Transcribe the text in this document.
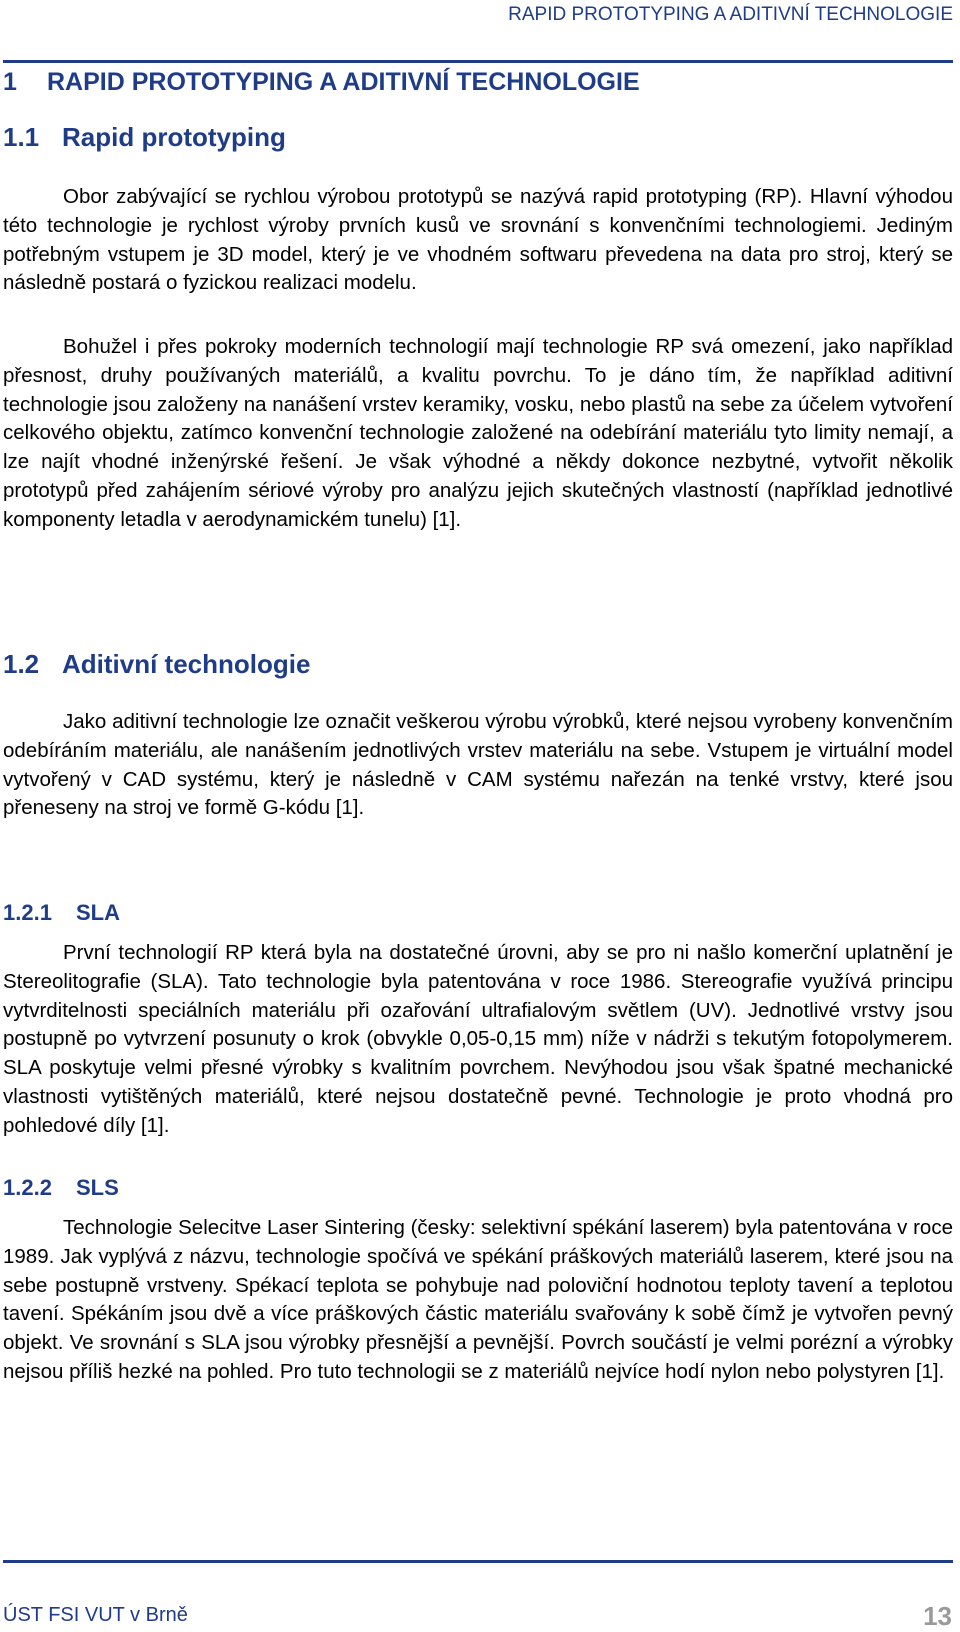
RAPID PROTOTYPING A ADITIVNÍ TECHNOLOGIE
1 RAPID PROTOTYPING A ADITIVNÍ TECHNOLOGIE
1.1 Rapid prototyping

Obor zabývající se rychlou výrobou prototypů se nazývá rapid prototyping (RP). Hlavní výhodou této technologie je rychlost výroby prvních kusů ve srovnání s konvenčními technologiemi. Jediným potřebným vstupem je 3D model, který je ve vhodném softwaru převedena na data pro stroj, který se následně postará o fyzickou realizaci modelu.

Bohužel i přes pokroky moderních technologií mají technologie RP svá omezení, jako například přesnost, druhy používaných materiálů, a kvalitu povrchu. To je dáno tím, že například aditivní technologie jsou založeny na nanášení vrstev keramiky, vosku, nebo plastů na sebe za účelem vytvoření celkového objektu, zatímco konvenční technologie založené na odebírání materiálu tyto limity nemají, a lze najít vhodné inženýrské řešení. Je však výhodné a někdy dokonce nezbytné, vytvořit několik prototypů před zahájením sériové výroby pro analýzu jejich skutečných vlastností (například jednotlivé komponenty letadla v aerodynamickém tunelu) [1].

1.2 Aditivní technologie

Jako aditivní technologie lze označit veškerou výrobu výrobků, které nejsou vyrobeny konvenčním odebíráním materiálu, ale nanášením jednotlivých vrstev materiálu na sebe. Vstupem je virtuální model vytvořený v CAD systému, který je následně v CAM systému nařezán na tenké vrstvy, které jsou přeneseny na stroj ve formě G-kódu [1].

1.2.1 SLA

První technologií RP která byla na dostatečné úrovni, aby se pro ni našlo komerční uplatnění je Stereolitografie (SLA). Tato technologie byla patentována v roce 1986. Stereografie využívá principu vytvrditelnosti speciálních materiálu při ozařování ultrafialovým světlem (UV). Jednotlivé vrstvy jsou postupně po vytvrzení posunuty o krok (obvykle 0,05-0,15 mm) níže v nádrži s tekutým fotopolymerem. SLA poskytuje velmi přesné výrobky s kvalitním povrchem. Nevýhodou jsou však špatné mechanické vlastnosti vytištěných materiálů, které nejsou dostatečně pevné. Technologie je proto vhodná pro pohledové díly [1].

1.2.2 SLS

Technologie Selecitve Laser Sintering (česky: selektivní spékání laserem) byla patentována v roce 1989. Jak vyplývá z názvu, technologie spočívá ve spékání práškových materiálů laserem, které jsou na sebe postupně vrstveny. Spékací teplota se pohybuje nad poloviční hodnotou teploty tavení a teplotou tavení. Spékáním jsou dvě a více práškových částic materiálu svařovány k sobě čímž je vytvořen pevný objekt. Ve srovnání s SLA jsou výrobky přesnější a pevnější. Povrch součástí je velmi porézní a výrobky nejsou příliš hezké na pohled. Pro tuto technologii se z materiálů nejvíce hodí nylon nebo polystyren [1].

ÚST FSI VUT v Brně	13
